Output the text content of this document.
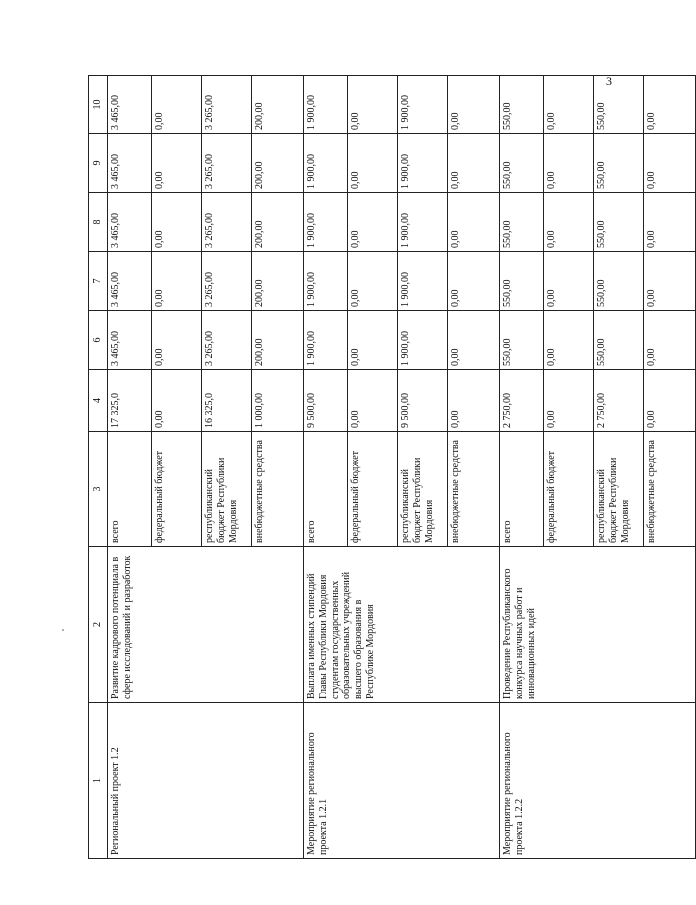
3
1	2	3	4	6	7	8	9	10
Региональный проект 1.2	Развитие кадрового потенциала в сфере исследований и разработок	всего	17 325,0	3 465,00	3 465,00	3 465,00	3 465,00	3 465,00
		федеральный бюджет	0,00	0,00	0,00	0,00	0,00	0,00
		республиканский бюджет Республики Мордовия	16 325,0	3 265,00	3 265,00	3 265,00	3 265,00	3 265,00
		внебюджетные средства	1 000,00	200,00	200,00	200,00	200,00	200,00
Мероприятие регионального проекта 1.2.1	Выплата именных стипендий Главы Республики Мордовия студентам государственных образовательных учреждений высшего образования в Республике Мордовия	всего	9 500,00	1 900,00	1 900,00	1 900,00	1 900,00	1 900,00
		федеральный бюджет	0,00	0,00	0,00	0,00	0,00	0,00
		республиканский бюджет Республики Мордовия	9 500,00	1 900,00	1 900,00	1 900,00	1 900,00	1 900,00
		внебюджетные средства	0,00	0,00	0,00	0,00	0,00	0,00
Мероприятие регионального проекта 1.2.2	Проведение Республиканского конкурса научных работ и инновационных идей	всего	2 750,00	550,00	550,00	550,00	550,00	550,00
		федеральный бюджет	0,00	0,00	0,00	0,00	0,00	0,00
		республиканский бюджет Республики Мордовия	2 750,00	550,00	550,00	550,00	550,00	550,00
		внебюджетные средства	0,00	0,00	0,00	0,00	0,00	0,00
